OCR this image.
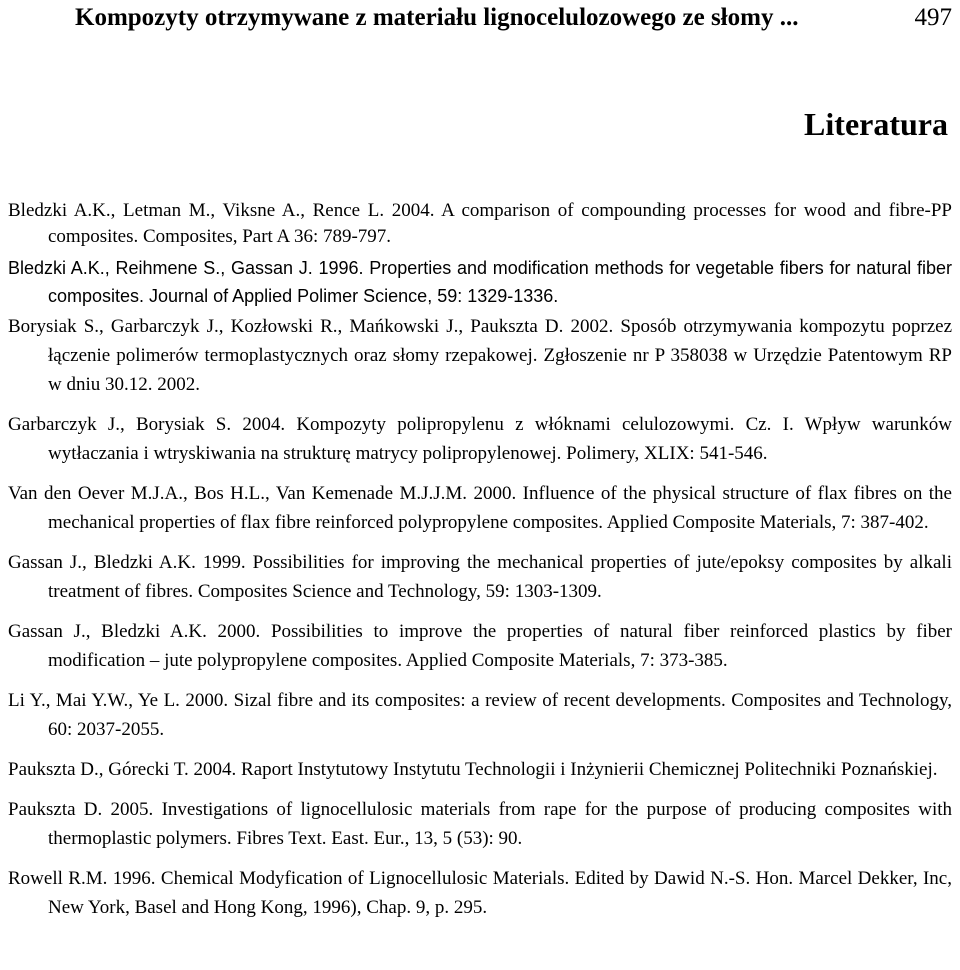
Kompozyty otrzymywane z materiału lignocelulozowego ze słomy ...	497
Literatura

Bledzki A.K., Letman M., Viksne A., Rence L. 2004. A comparison of compounding processes for wood and fibre-PP composites. Composites, Part A 36: 789-797.

Bledzki A.K., Reihmene S., Gassan J. 1996. Properties and modification methods for vegetable fibers for natural fiber composites. Journal of Applied Polimer Science, 59: 1329-1336.

Borysiak S., Garbarczyk J., Kozłowski R., Mańkowski J., Paukszta D. 2002. Sposób otrzymywania kompozytu poprzez łączenie polimerów termoplastycznych oraz słomy rzepakowej. Zgłoszenie nr P 358038 w Urzędzie Patentowym RP w dniu 30.12. 2002.

Garbarczyk J., Borysiak S. 2004. Kompozyty polipropylenu z włóknami celulozowymi. Cz. I. Wpływ warunków wytłaczania i wtryskiwania na strukturę matrycy polipropylenowej. Polimery, XLIX: 541-546.

Van den Oever M.J.A., Bos H.L., Van Kemenade M.J.J.M. 2000. Influence of the physical structure of flax fibres on the mechanical properties of flax fibre reinforced polypropylene composites. Applied Composite Materials, 7: 387-402.

Gassan J., Bledzki A.K. 1999. Possibilities for improving the mechanical properties of jute/epoksy composites by alkali treatment of fibres. Composites Science and Technology, 59: 1303-1309.

Gassan J., Bledzki A.K. 2000. Possibilities to improve the properties of natural fiber reinforced plastics by fiber modification – jute polypropylene composites. Applied Composite Materials, 7: 373-385.

Li Y., Mai Y.W., Ye L. 2000. Sizal fibre and its composites: a review of recent developments. Composites and Technology, 60: 2037-2055.

Paukszta D., Górecki T. 2004. Raport Instytutowy Instytutu Technologii i Inżynierii Chemicznej Politechniki Poznańskiej.

Paukszta D. 2005. Investigations of lignocellulosic materials from rape for the purpose of producing composites with thermoplastic polymers. Fibres Text. East. Eur., 13, 5 (53): 90.

Rowell R.M. 1996. Chemical Modyfication of Lignocellulosic Materials. Edited by Dawid N.-S. Hon. Marcel Dekker, Inc, New York, Basel and Hong Kong, 1996), Chap. 9, p. 295.
